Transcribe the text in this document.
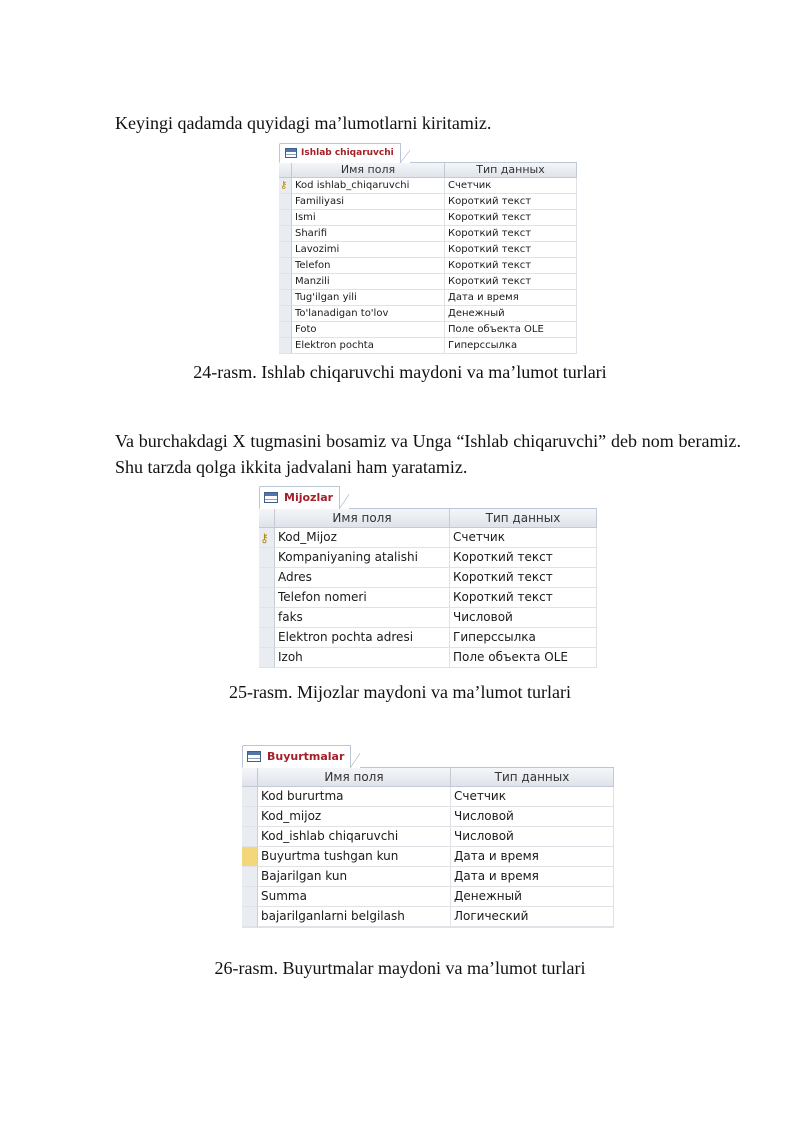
Keyingi qadamda quyidagi ma’lumotlarni kiritamiz.

Ishlab chiqaruvchi
Имя поля	Тип данных
⚷ Kod ishlab_chiqaruvchi	Счетчик
Familiyasi	Короткий текст
Ismi	Короткий текст
Sharifi	Короткий текст
Lavozimi	Короткий текст
Telefon	Короткий текст
Manzili	Короткий текст
Tug'ilgan yili	Дата и время
To'lanadigan to'lov	Денежный
Foto	Поле объекта OLE
Elektron pochta	Гиперссылка

24-rasm. Ishlab chiqaruvchi maydoni va ma’lumot turlari

Va burchakdagi X tugmasini bosamiz va Unga “Ishlab chiqaruvchi” deb nom beramiz. Shu tarzda qolga ikkita jadvalani ham yaratamiz.

Mijozlar
Имя поля	Тип данных
⚷ Kod_Mijoz	Счетчик
Kompaniyaning atalishi	Короткий текст
Adres	Короткий текст
Telefon nomeri	Короткий текст
faks	Числовой
Elektron pochta adresi	Гиперссылка
Izoh	Поле объекта OLE

25-rasm. Mijozlar maydoni va ma’lumot turlari

Buyurtmalar
Имя поля	Тип данных
Kod bururtma	Счетчик
Kod_mijoz	Числовой
Kod_ishlab chiqaruvchi	Числовой
Buyurtma tushgan kun	Дата и время
Bajarilgan kun	Дата и время
Summa	Денежный
bajarilganlarni belgilash	Логический

26-rasm. Buyurtmalar maydoni va ma’lumot turlari
